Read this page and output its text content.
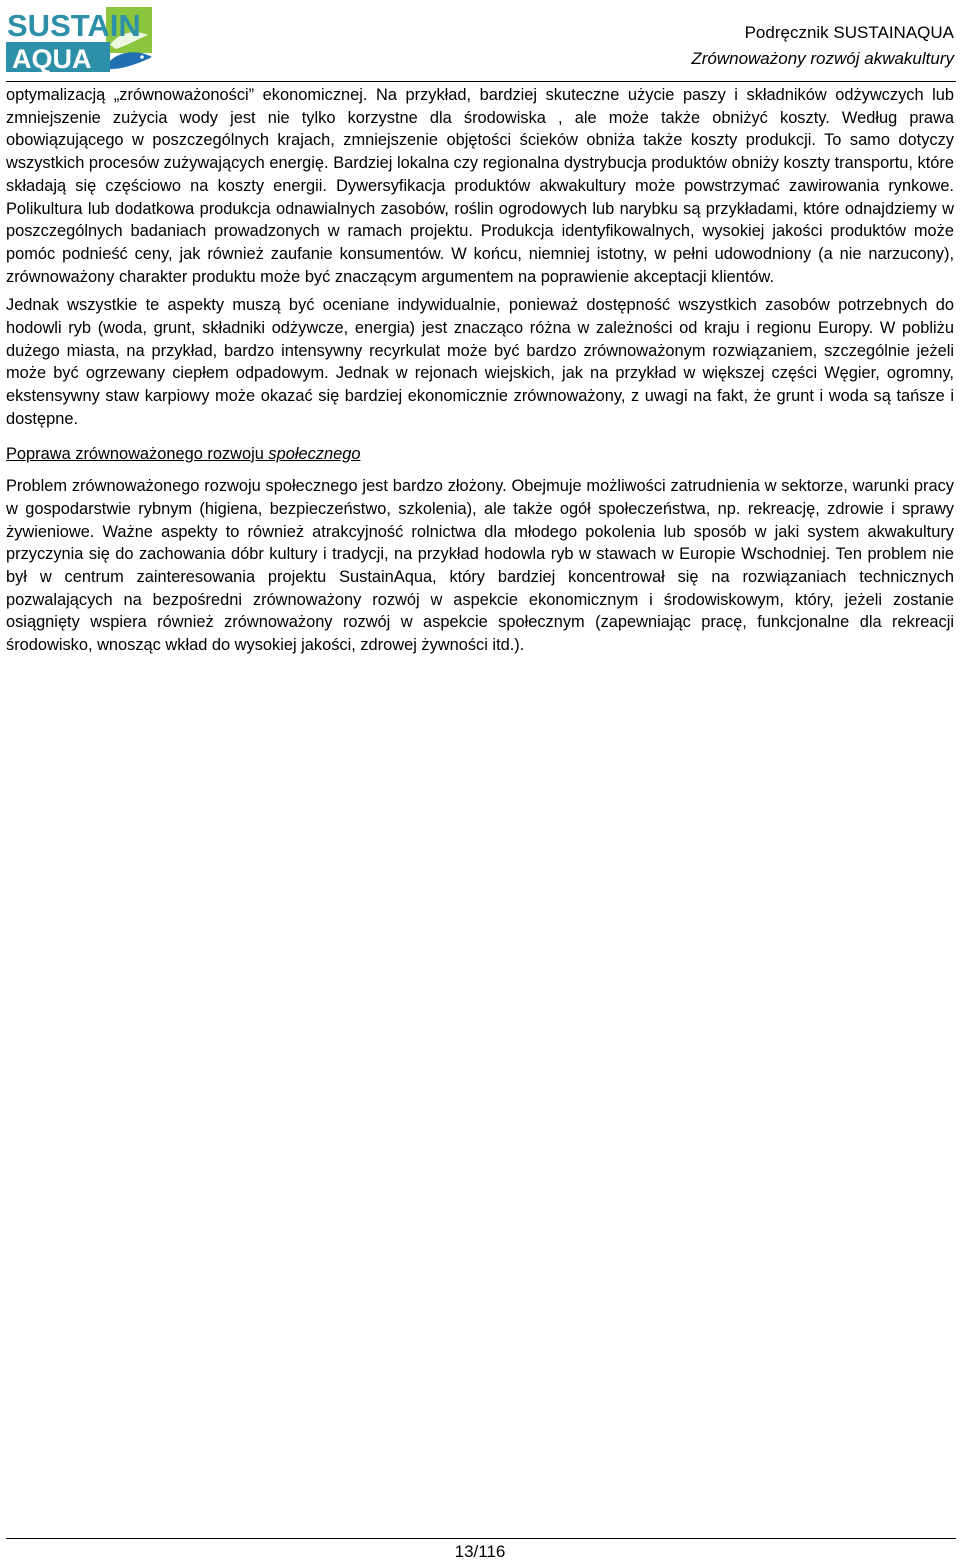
SUSTAIN
AQUA
Podręcznik SUSTAINAQUA
Zrównoważony rozwój akwakultury

optymalizacją „zrównoważoności” ekonomicznej. Na przykład, bardziej skuteczne użycie paszy i składników odżywczych lub zmniejszenie zużycia wody jest nie tylko korzystne dla środowiska , ale może także obniżyć koszty. Według prawa obowiązującego w poszczególnych krajach, zmniejszenie objętości ścieków obniża także koszty produkcji. To samo dotyczy wszystkich procesów zużywających energię. Bardziej lokalna czy regionalna dystrybucja produktów obniży koszty transportu, które składają się częściowo na koszty energii. Dywersyfikacja produktów akwakultury może powstrzymać zawirowania rynkowe. Polikultura lub dodatkowa produkcja odnawialnych zasobów, roślin ogrodowych lub narybku są przykładami, które odnajdziemy w poszczególnych badaniach prowadzonych w ramach projektu. Produkcja identyfikowalnych, wysokiej jakości produktów może pomóc podnieść ceny, jak również zaufanie konsumentów. W końcu, niemniej istotny, w pełni udowodniony (a nie narzucony), zrównoważony charakter produktu może być znaczącym argumentem na poprawienie akceptacji klientów.

Jednak wszystkie te aspekty muszą być oceniane indywidualnie, ponieważ dostępność wszystkich zasobów potrzebnych do hodowli ryb (woda, grunt, składniki odżywcze, energia) jest znacząco różna w zależności od kraju i regionu Europy. W pobliżu dużego miasta, na przykład, bardzo intensywny recyrkulat może być bardzo zrównoważonym rozwiązaniem, szczególnie jeżeli może być ogrzewany ciepłem odpadowym. Jednak w rejonach wiejskich, jak na przykład w większej części Węgier, ogromny, ekstensywny staw karpiowy może okazać się bardziej ekonomicznie zrównoważony, z uwagi na fakt, że grunt i woda są tańsze i dostępne.

Poprawa zrównoważonego rozwoju społecznego

Problem zrównoważonego rozwoju społecznego jest bardzo złożony. Obejmuje możliwości zatrudnienia w sektorze, warunki pracy w gospodarstwie rybnym (higiena, bezpieczeństwo, szkolenia), ale także ogół społeczeństwa, np. rekreację, zdrowie i sprawy żywieniowe. Ważne aspekty to również atrakcyjność rolnictwa dla młodego pokolenia lub sposób w jaki system akwakultury przyczynia się do zachowania dóbr kultury i tradycji, na przykład hodowla ryb w stawach w Europie Wschodniej. Ten problem nie był w centrum zainteresowania projektu SustainAqua, który bardziej koncentrował się na rozwiązaniach technicznych pozwalających na bezpośredni zrównoważony rozwój w aspekcie ekonomicznym i środowiskowym, który, jeżeli zostanie osiągnięty wspiera również zrównoważony rozwój w aspekcie społecznym (zapewniając pracę, funkcjonalne dla rekreacji środowisko, wnosząc wkład do wysokiej jakości, zdrowej żywności itd.).

13/116
